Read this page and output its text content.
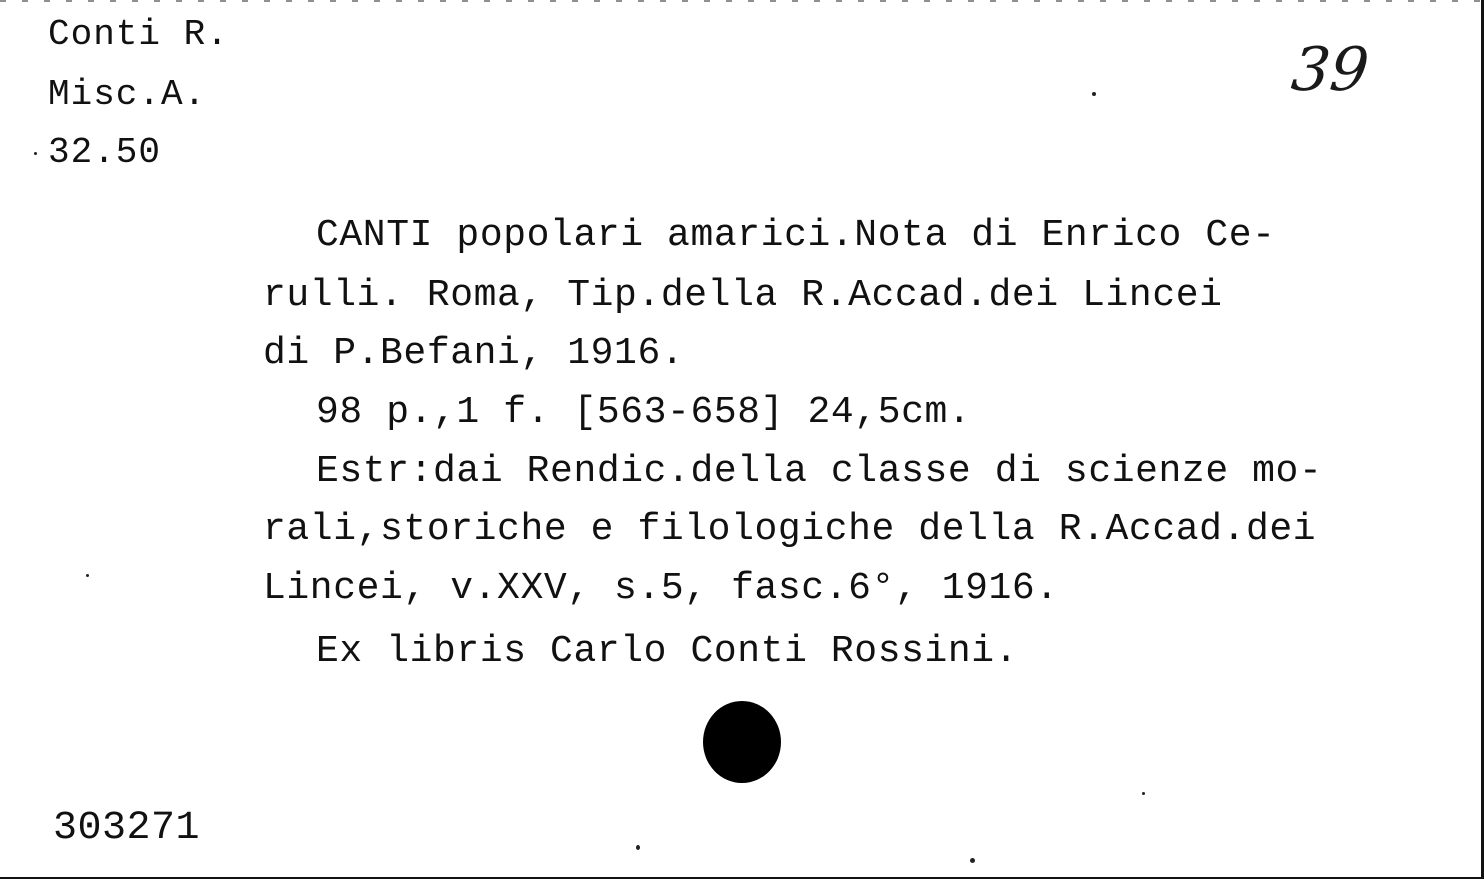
Conti R.
Misc.A.
32.50
39
CANTI popolari amarici.Nota di Enrico Ce-
rulli. Roma, Tip.della R.Accad.dei Lincei
di P.Befani, 1916.
98 p.,1 f. [563-658] 24,5cm.
Estr:dai Rendic.della classe di scienze mo-
rali,storiche e filologiche della R.Accad.dei
Lincei, v.XXV, s.5, fasc.6°, 1916.
Ex libris Carlo Conti Rossini.
303271
